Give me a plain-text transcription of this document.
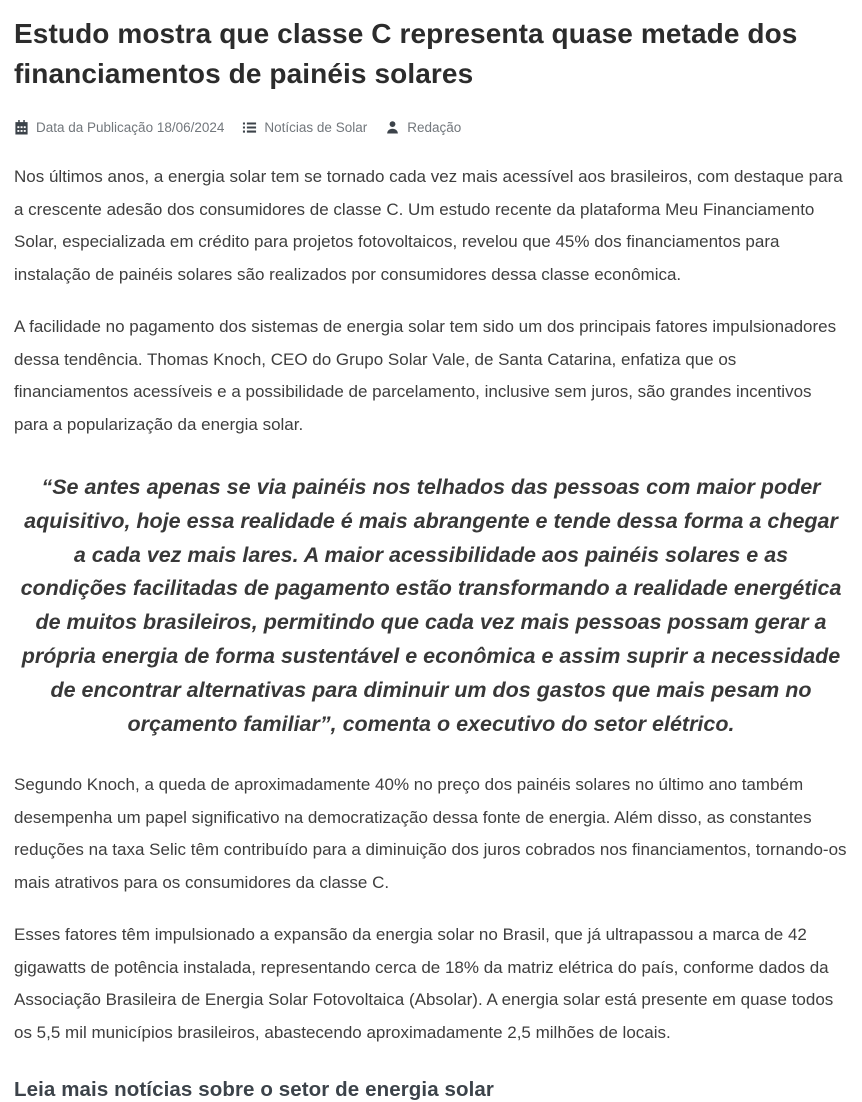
Estudo mostra que classe C representa quase metade dos financiamentos de painéis solares
Data da Publicação 18/06/2024	Notícias de Solar	Redação

Nos últimos anos, a energia solar tem se tornado cada vez mais acessível aos brasileiros, com destaque para a crescente adesão dos consumidores de classe C. Um estudo recente da plataforma Meu Financiamento Solar, especializada em crédito para projetos fotovoltaicos, revelou que 45% dos financiamentos para instalação de painéis solares são realizados por consumidores dessa classe econômica.

A facilidade no pagamento dos sistemas de energia solar tem sido um dos principais fatores impulsionadores dessa tendência. Thomas Knoch, CEO do Grupo Solar Vale, de Santa Catarina, enfatiza que os financiamentos acessíveis e a possibilidade de parcelamento, inclusive sem juros, são grandes incentivos para a popularização da energia solar.

“Se antes apenas se via painéis nos telhados das pessoas com maior poder aquisitivo, hoje essa realidade é mais abrangente e tende dessa forma a chegar a cada vez mais lares. A maior acessibilidade aos painéis solares e as condições facilitadas de pagamento estão transformando a realidade energética de muitos brasileiros, permitindo que cada vez mais pessoas possam gerar a própria energia de forma sustentável e econômica e assim suprir a necessidade de encontrar alternativas para diminuir um dos gastos que mais pesam no orçamento familiar”, comenta o executivo do setor elétrico.

Segundo Knoch, a queda de aproximadamente 40% no preço dos painéis solares no último ano também desempenha um papel significativo na democratização dessa fonte de energia. Além disso, as constantes reduções na taxa Selic têm contribuído para a diminuição dos juros cobrados nos financiamentos, tornando-os mais atrativos para os consumidores da classe C.

Esses fatores têm impulsionado a expansão da energia solar no Brasil, que já ultrapassou a marca de 42 gigawatts de potência instalada, representando cerca de 18% da matriz elétrica do país, conforme dados da Associação Brasileira de Energia Solar Fotovoltaica (Absolar). A energia solar está presente em quase todos os 5,5 mil municípios brasileiros, abastecendo aproximadamente 2,5 milhões de locais.

Leia mais notícias sobre o setor de energia solar
